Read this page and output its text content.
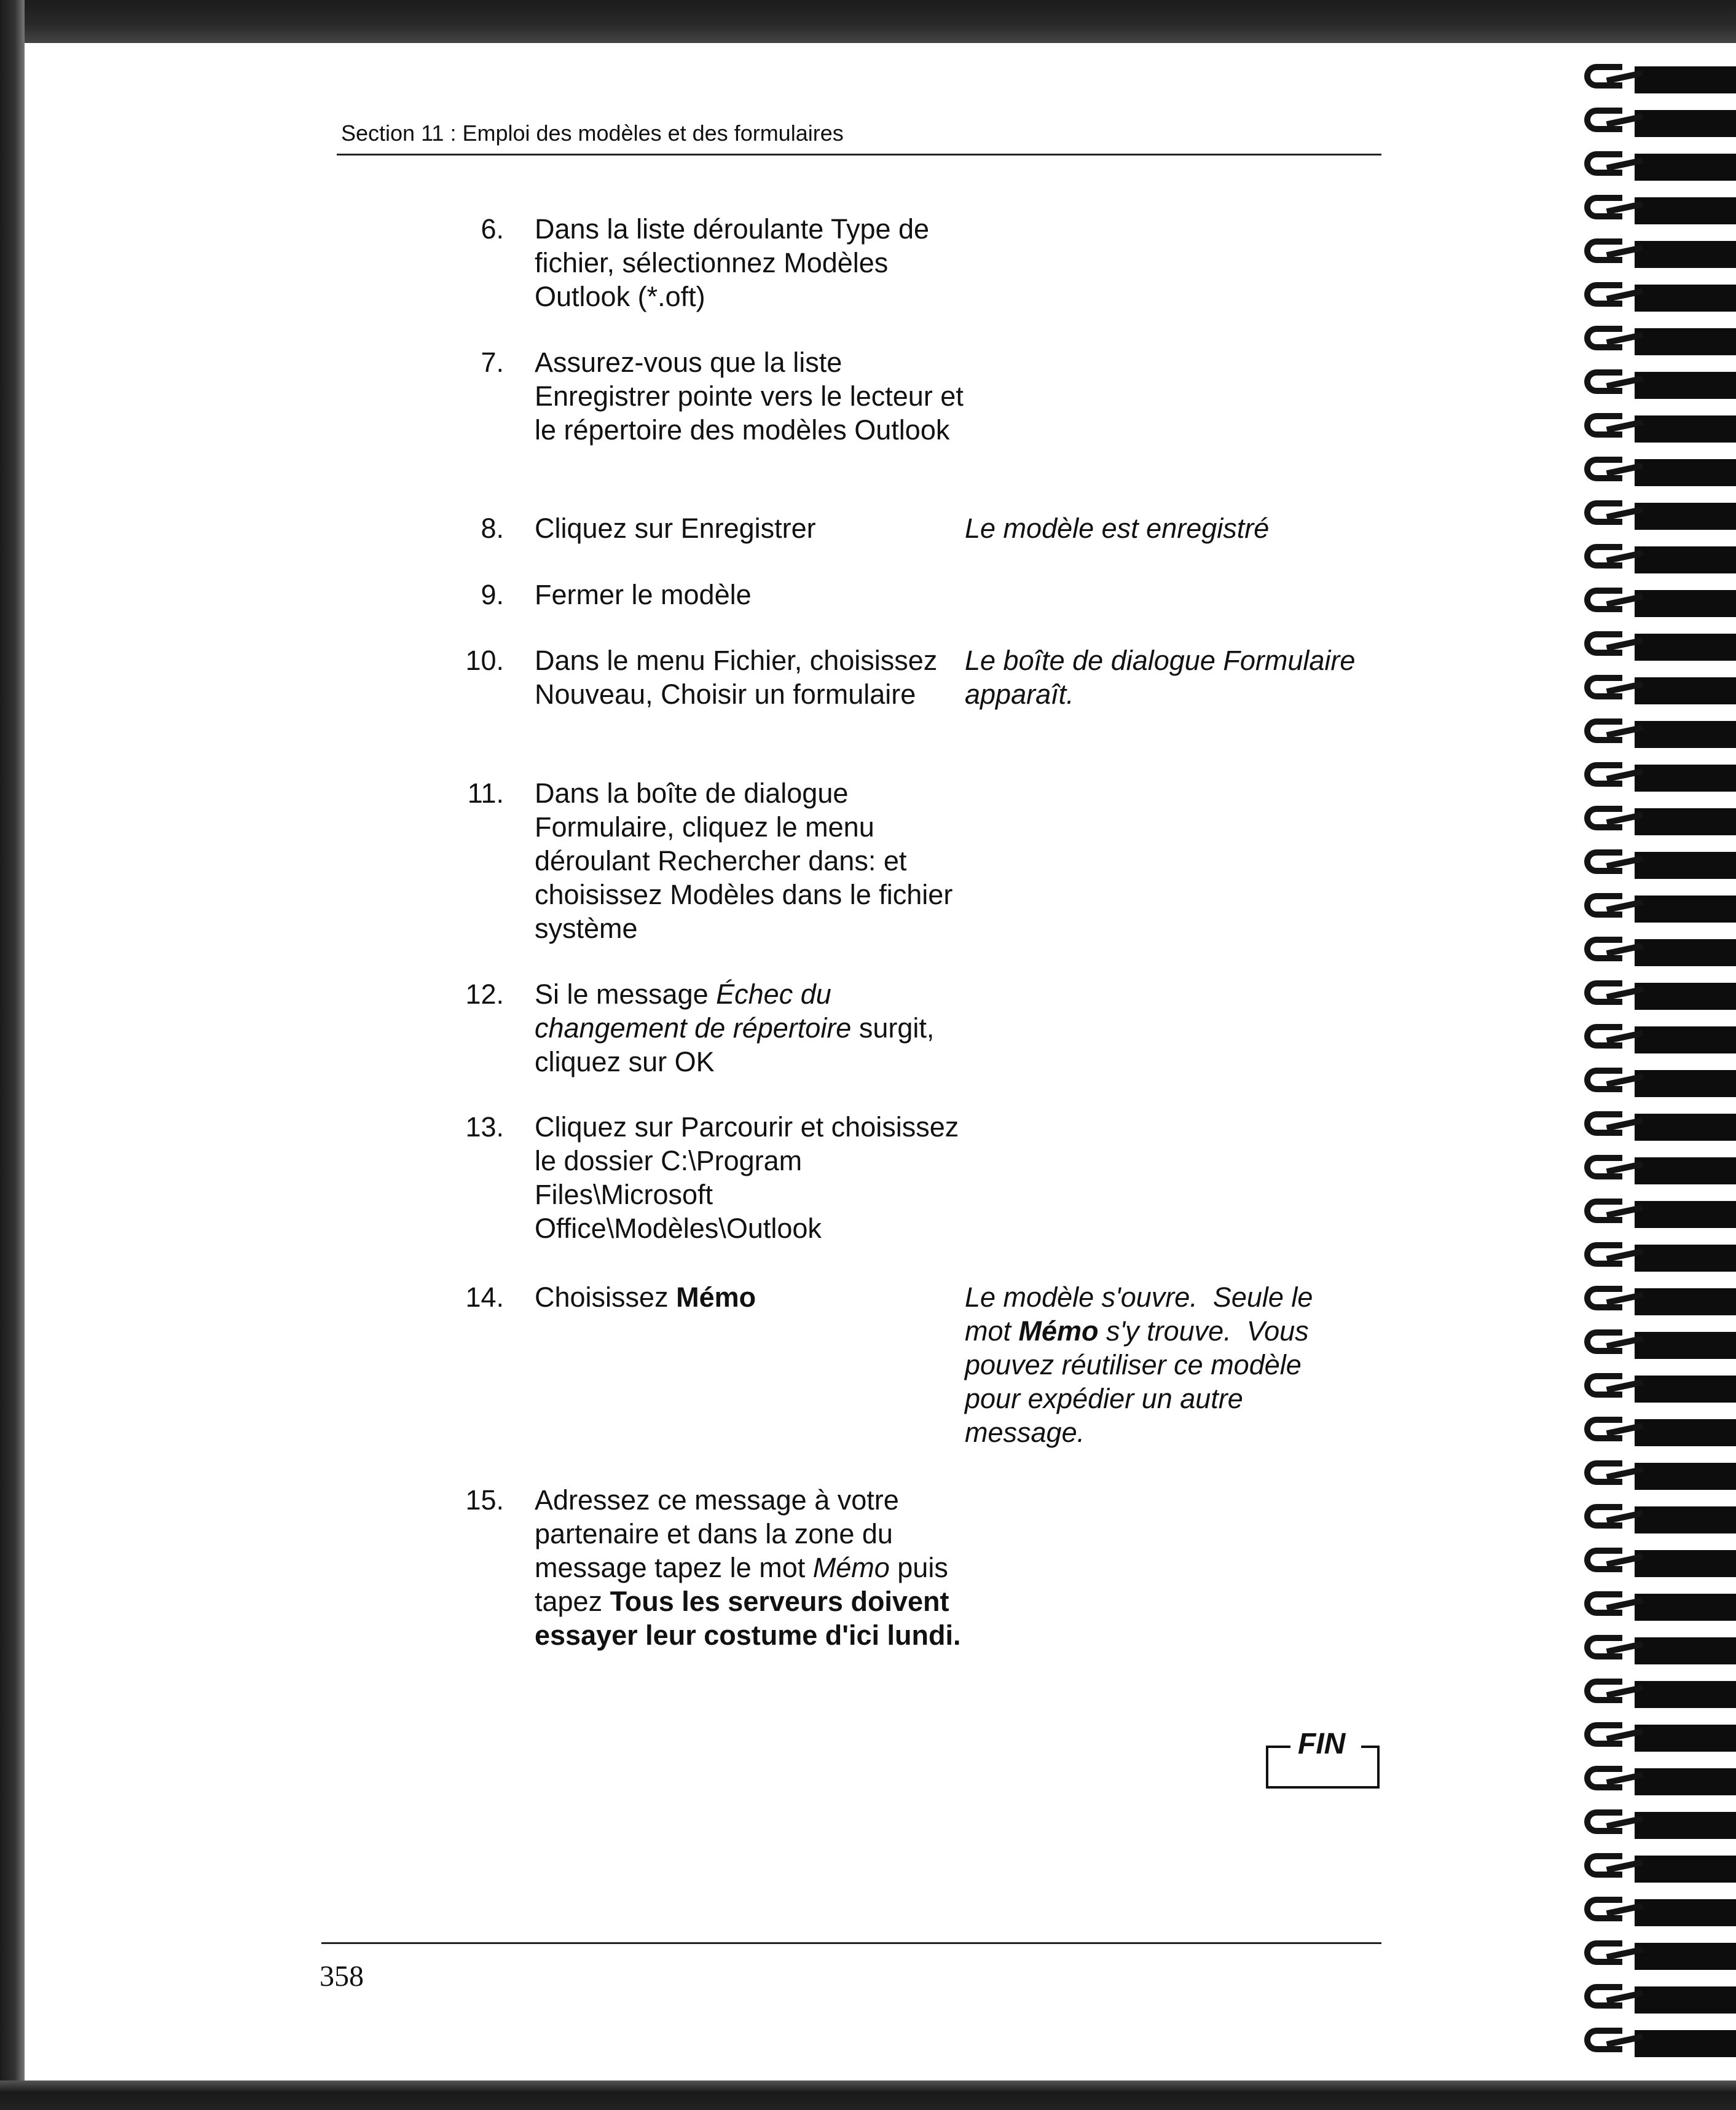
Section 11 : Emploi des modèles et des formulaires
6. Dans la liste déroulante Type de fichier, sélectionnez Modèles Outlook (*.oft)
7. Assurez-vous que la liste Enregistrer pointe vers le lecteur et le répertoire des modèles Outlook
8. Cliquez sur Enregistrer
9. Fermer le modèle
10. Dans le menu Fichier, choisissez Nouveau, Choisir un formulaire
11. Dans la boîte de dialogue Formulaire, cliquez le menu déroulant Rechercher dans: et choisissez Modèles dans le fichier système
12. Si le message Échec du changement de répertoire surgit, cliquez sur OK
13. Cliquez sur Parcourir et choisissez le dossier C:\Program Files\Microsoft Office\Modèles\Outlook
14. Choisissez Mémo
15. Adressez ce message à votre partenaire et dans la zone du message tapez le mot Mémo puis tapez Tous les serveurs doivent essayer leur costume d'ici lundi.
Le modèle est enregistré
Le boîte de dialogue Formulaire apparaît.
Le modèle s'ouvre.  Seule le mot Mémo s'y trouve.  Vous pouvez réutiliser ce modèle pour expédier un autre message.
FIN
358
